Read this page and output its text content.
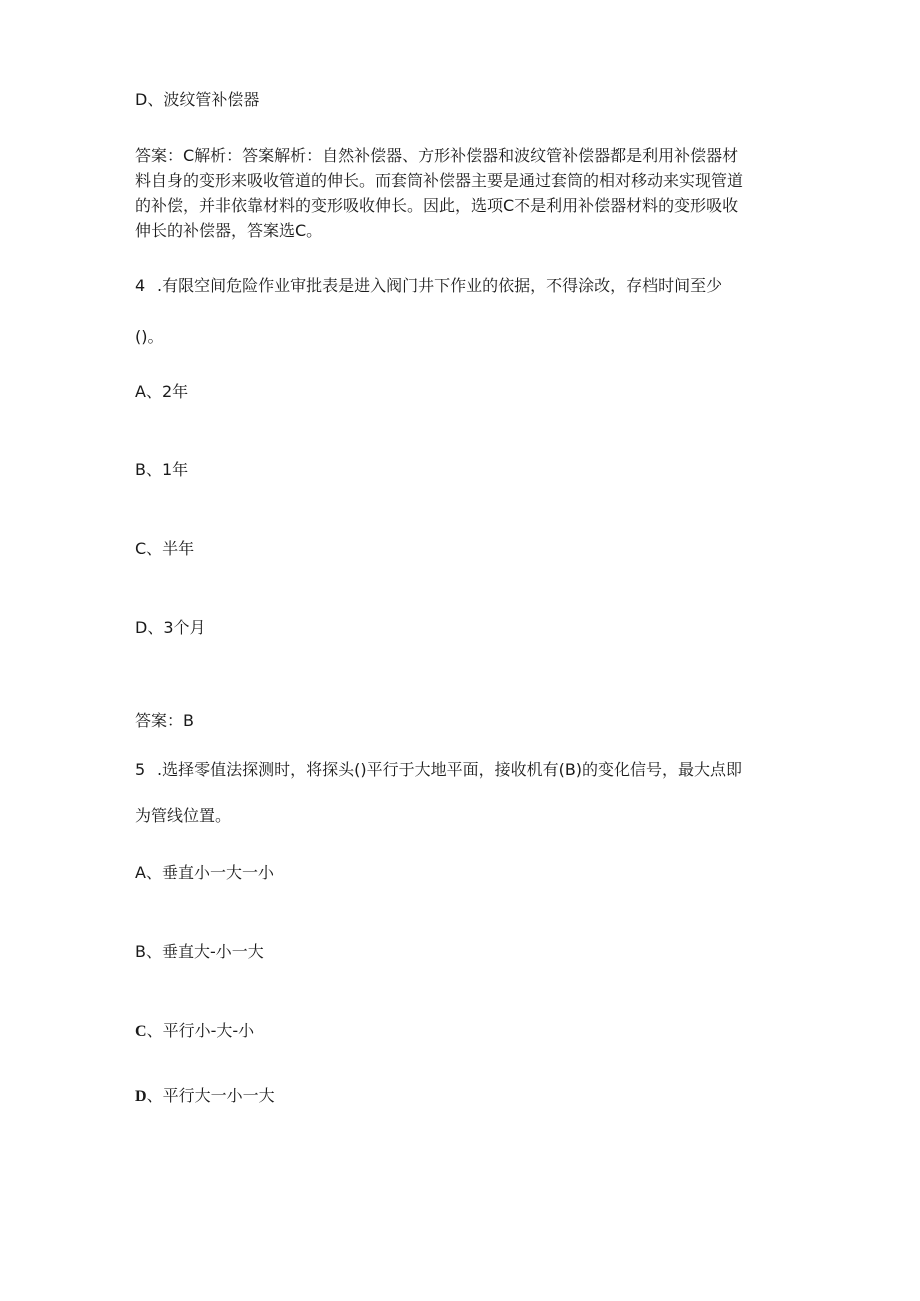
D、波纹管补偿器

答案：C解析：答案解析：自然补偿器、方形补偿器和波纹管补偿器都是利用补偿器材

料自身的变形来吸收管道的伸长。而套筒补偿器主要是通过套筒的相对移动来实现管道

的补偿，并非依靠材料的变形吸收伸长。因此，选项C不是利用补偿器材料的变形吸收

伸长的补偿器，答案选C。

4 .有限空间危险作业审批表是进入阀门井下作业的依据，不得涂改，存档时间至少
()。
A、2年
B、1年
C、半年
D、3个月
答案：B
5 .选择零值法探测时，将探头()平行于大地平面，接收机有(B)的变化信号，最大点即
为管线位置。
A、垂直小一大一小
B、垂直大-小一大
C、平行小-大-小
D、平行大一小一大
